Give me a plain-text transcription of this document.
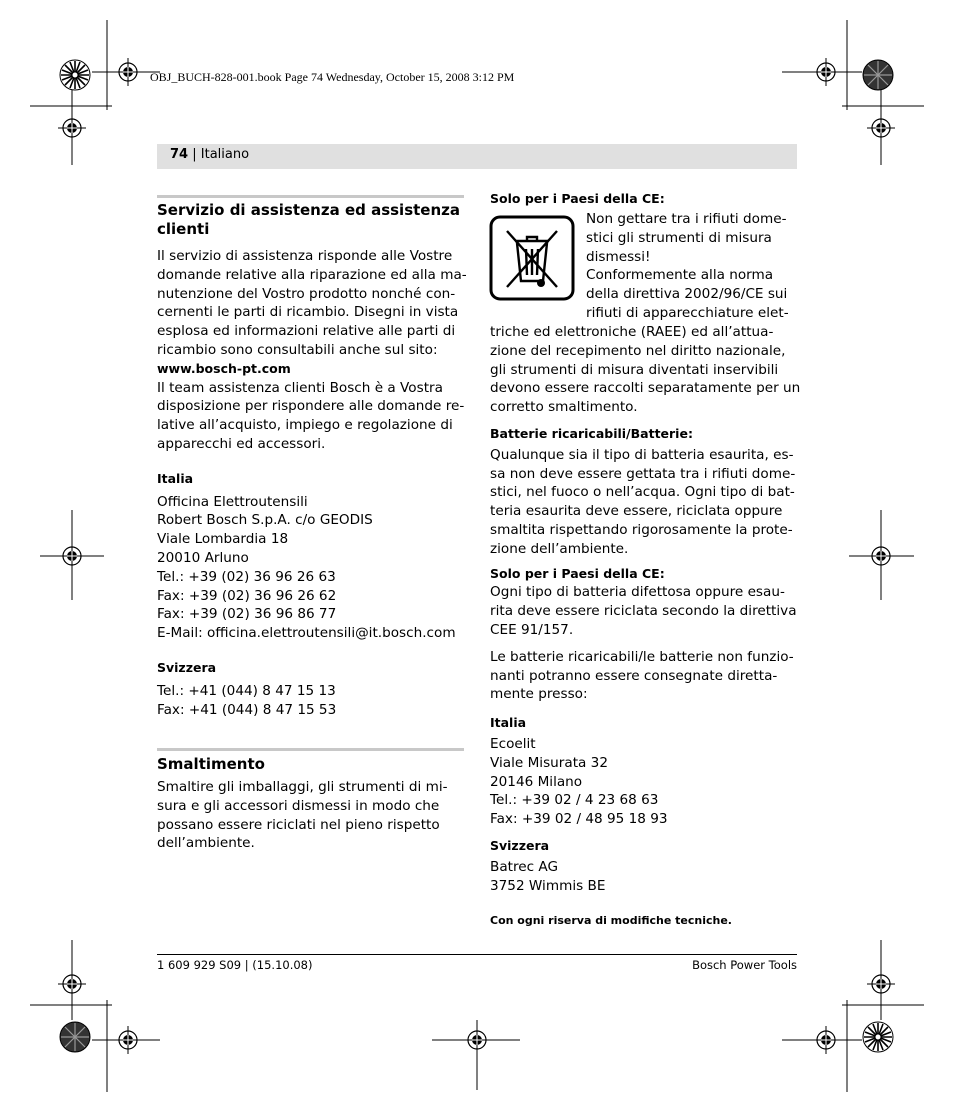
OBJ_BUCH-828-001.book Page 74 Wednesday, October 15, 2008 3:12 PM
74 | Italiano

Servizio di assistenza ed assistenza
clienti

Il servizio di assistenza risponde alle Vostre
domande relative alla riparazione ed alla ma-
nutenzione del Vostro prodotto nonché con-
cernenti le parti di ricambio. Disegni in vista
esplosa ed informazioni relative alle parti di
ricambio sono consultabili anche sul sito:

www.bosch-pt.com

Il team assistenza clienti Bosch è a Vostra
disposizione per rispondere alle domande re-
lative all’acquisto, impiego e regolazione di
apparecchi ed accessori.

Italia

Officina Elettroutensili
Robert Bosch S.p.A. c/o GEODIS
Viale Lombardia 18
20010 Arluno
Tel.: +39 (02) 36 96 26 63
Fax: +39 (02) 36 96 26 62
Fax: +39 (02) 36 96 86 77
E-Mail: officina.elettroutensili@it.bosch.com

Svizzera

Tel.: +41 (044) 8 47 15 13
Fax: +41 (044) 8 47 15 53

Smaltimento

Smaltire gli imballaggi, gli strumenti di mi-
sura e gli accessori dismessi in modo che
possano essere riciclati nel pieno rispetto
dell’ambiente.

Solo per i Paesi della CE:

Non gettare tra i rifiuti dome-
stici gli strumenti di misura
dismessi!
Conformemente alla norma
della direttiva 2002/96/CE sui
rifiuti di apparecchiature elet-

triche ed elettroniche (RAEE) ed all’attua-
zione del recepimento nel diritto nazionale,
gli strumenti di misura diventati inservibili
devono essere raccolti separatamente per un
corretto smaltimento.

Batterie ricaricabili/Batterie:

Qualunque sia il tipo di batteria esaurita, es-
sa non deve essere gettata tra i rifiuti dome-
stici, nel fuoco o nell’acqua. Ogni tipo di bat-
teria esaurita deve essere, riciclata oppure
smaltita rispettando rigorosamente la prote-
zione dell’ambiente.

Solo per i Paesi della CE:

Ogni tipo di batteria difettosa oppure esau-
rita deve essere riciclata secondo la direttiva
CEE 91/157.

Le batterie ricaricabili/le batterie non funzio-
nanti potranno essere consegnate diretta-
mente presso:

Italia

Ecoelit
Viale Misurata 32
20146 Milano
Tel.: +39 02 / 4 23 68 63
Fax: +39 02 / 48 95 18 93

Svizzera

Batrec AG
3752 Wimmis BE

Con ogni riserva di modifiche tecniche.

1 609 929 S09 | (15.10.08)	Bosch Power Tools
